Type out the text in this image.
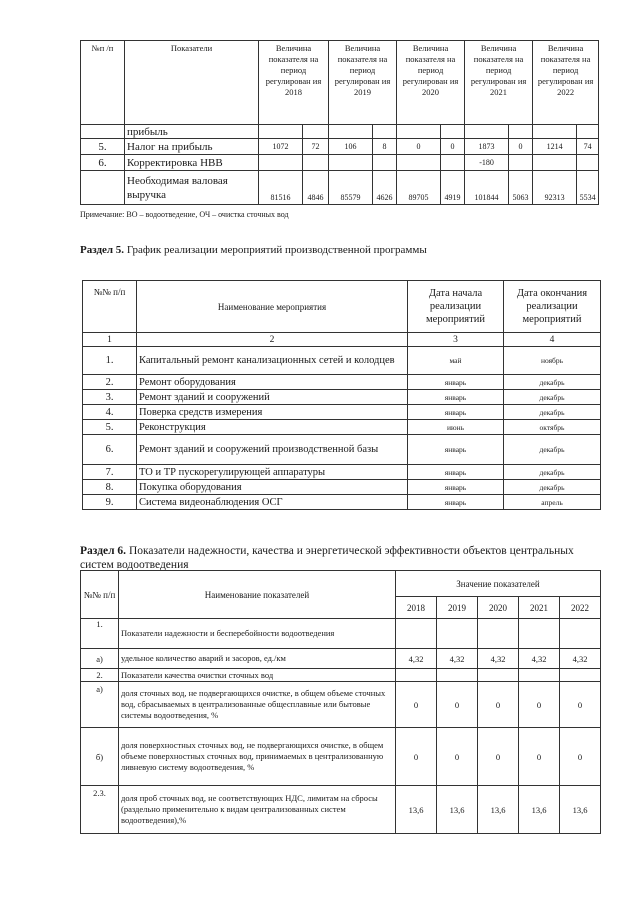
№п /п	Показатели	Величина показателя на период регулирован ия 2018		Величина показателя на период регулирован ия 2019		Величина показателя на период регулирован ия 2020		Величина показателя на период регулирован ия 2021		Величина показателя на период регулирован ия 2022	
	прибыль										
5.	Налог на прибыль	1072	72	106	8	0	0	1873	0	1214	74
6.	Корректировка НВВ							-180			
	Необходимая валовая выручка	81516	4846	85579	4626	89705	4919	101844	5063	92313	5534
Примечание: ВО – водоотведение, ОЧ – очистка сточных вод
Раздел 5. График реализации мероприятий производственной программы
№№ п/п	Наименование мероприятия	Дата начала реализации мероприятий	Дата окончания реализации мероприятий
1	2	3	4
1.	Капитальный ремонт канализационных сетей и колодцев	май	ноябрь
2.	Ремонт оборудования	январь	декабрь
3.	Ремонт зданий и сооружений	январь	декабрь
4.	Поверка средств измерения	январь	декабрь
5.	Реконструкция	июнь	октябрь
6.	Ремонт зданий и сооружений производственной базы	январь	декабрь
7.	ТО и ТР пускорегулирующей аппаратуры	январь	декабрь
8.	Покупка оборудования	январь	декабрь
9.	Система видеонаблюдения ОСГ	январь	апрель
Раздел 6. Показатели надежности, качества и энергетической эффективности объектов центральных систем водоотведения
№№ п/п	Наименование показателей	Значение показателей				
		2018	2019	2020	2021	2022
1.	Показатели надежности и бесперебойности водоотведения					
а)	удельное количество аварий и засоров, ед./км	4,32	4,32	4,32	4,32	4,32
2.	Показатели качества очистки сточных вод					
а)	доля сточных вод, не подвергающихся очистке, в общем объеме сточных вод, сбрасываемых в централизованные общесплавные или бытовые системы водоотведения, %	0	0	0	0	0
б)	доля поверхностных сточных вод, не подвергающихся очистке, в общем объеме поверхностных сточных вод, принимаемых в централизованную ливневую систему водоотведения, %	0	0	0	0	0
2.3.	доля проб сточных вод, не соответствующих НДС, лимитам на сбросы (раздельно применительно к видам централизованных систем водоотведения),%	13,6	13,6	13,6	13,6	13,6
